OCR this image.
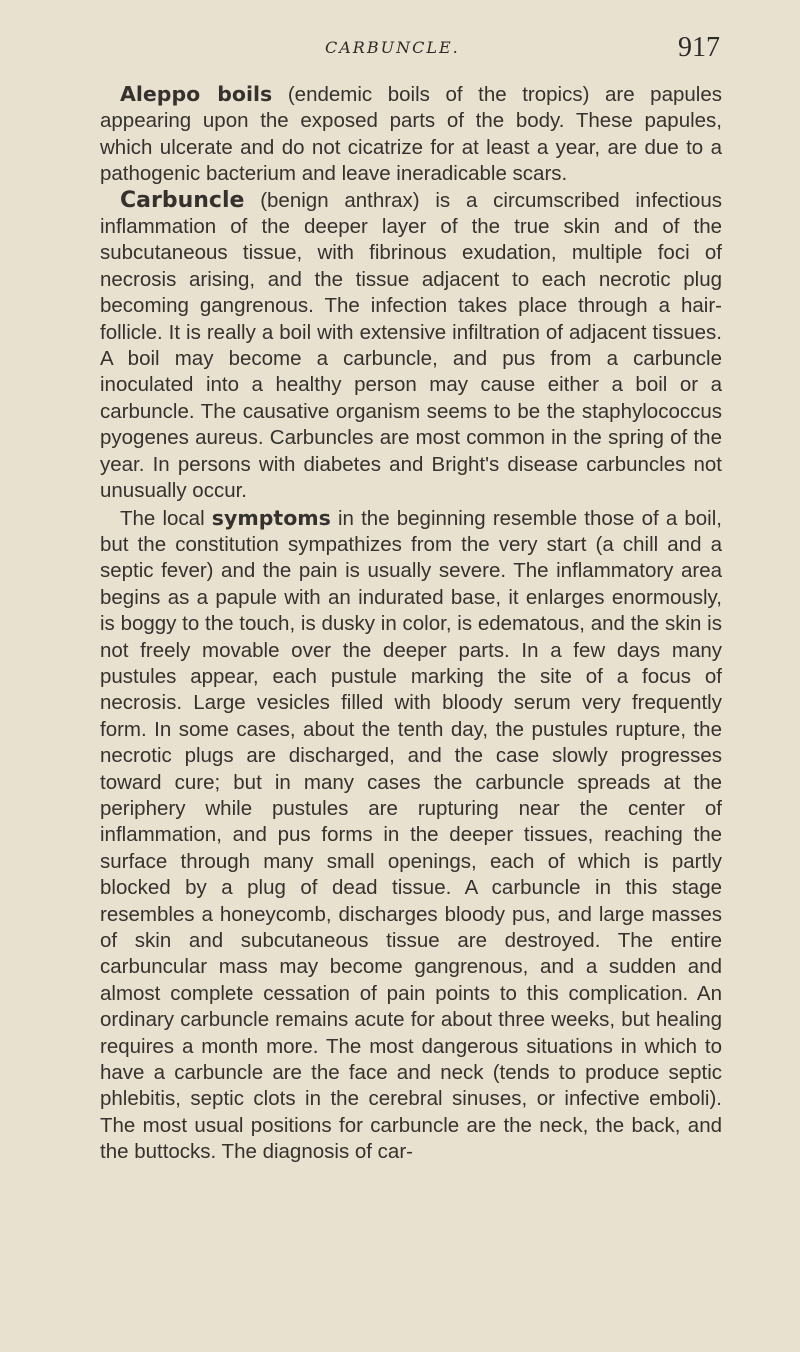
CARBUNCLE.	917

Aleppo boils (endemic boils of the tropics) are papules appearing upon the exposed parts of the body. These papules, which ulcerate and do not cicatrize for at least a year, are due to a pathogenic bacterium and leave ineradicable scars.

Carbuncle (benign anthrax) is a circumscribed infectious inflammation of the deeper layer of the true skin and of the subcutaneous tissue, with fibrinous exudation, multiple foci of necrosis arising, and the tissue adjacent to each necrotic plug becoming gangrenous. The infection takes place through a hair-follicle. It is really a boil with extensive infiltration of adjacent tissues. A boil may become a carbuncle, and pus from a carbuncle inoculated into a healthy person may cause either a boil or a carbuncle. The causative organism seems to be the staphylococcus pyogenes aureus. Carbuncles are most common in the spring of the year. In persons with diabetes and Bright's disease carbuncles not unusually occur.

The local symptoms in the beginning resemble those of a boil, but the constitution sympathizes from the very start (a chill and a septic fever) and the pain is usually severe. The inflammatory area begins as a papule with an indurated base, it enlarges enormously, is boggy to the touch, is dusky in color, is edematous, and the skin is not freely movable over the deeper parts. In a few days many pustules appear, each pustule marking the site of a focus of necrosis. Large vesicles filled with bloody serum very frequently form. In some cases, about the tenth day, the pustules rupture, the necrotic plugs are discharged, and the case slowly progresses toward cure; but in many cases the carbuncle spreads at the periphery while pustules are rupturing near the center of inflammation, and pus forms in the deeper tissues, reaching the surface through many small openings, each of which is partly blocked by a plug of dead tissue. A carbuncle in this stage resembles a honeycomb, discharges bloody pus, and large masses of skin and subcutaneous tissue are destroyed. The entire carbuncular mass may become gangrenous, and a sudden and almost complete cessation of pain points to this complication. An ordinary carbuncle remains acute for about three weeks, but healing requires a month more. The most dangerous situations in which to have a carbuncle are the face and neck (tends to produce septic phlebitis, septic clots in the cerebral sinuses, or infective emboli). The most usual positions for carbuncle are the neck, the back, and the buttocks. The diagnosis of car-
